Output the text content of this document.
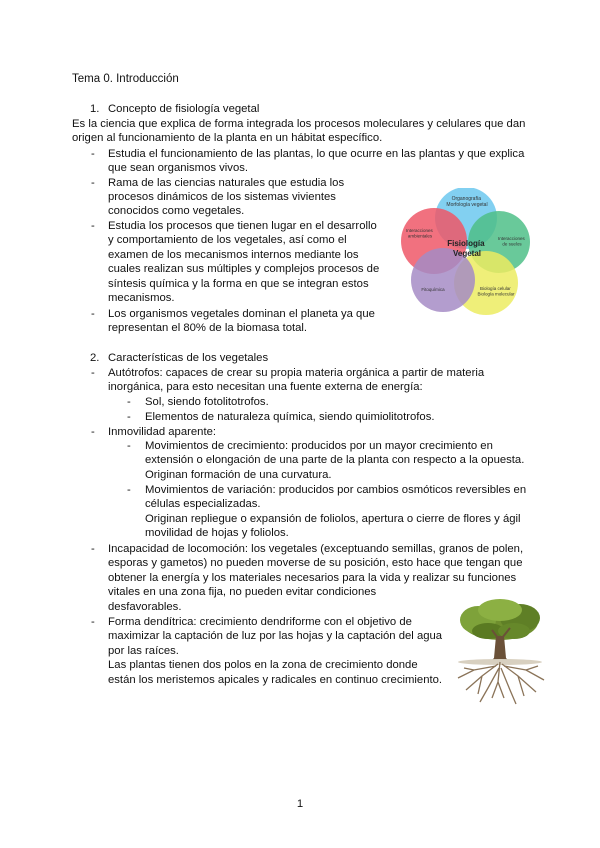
Tema 0. Introducción
1. Concepto de fisiología vegetal
Es la ciencia que explica de forma integrada los procesos moleculares y celulares que dan
origen al funcionamiento de la planta en un hábitat específico.
- Estudia el funcionamiento de las plantas, lo que ocurre en las plantas y que explica
que sean organismos vivos.
- Rama de las ciencias naturales que estudia los
procesos dinámicos de los sistemas vivientes
conocidos como vegetales.
- Estudia los procesos que tienen lugar en el desarrollo
y comportamiento de los vegetales, así como el
examen de los mecanismos internos mediante los
cuales realizan sus múltiples y complejos procesos de
síntesis química y la forma en que se integran estos
mecanismos.
- Los organismos vegetales dominan el planeta ya que
representan el 80% de la biomasa total.
Organografía Morfología vegetal
Interacciones ambientales	Interacciones de suelos
Biología celular Biología molecular
Fitoquímica
Fisiología Vegetal
2. Características de los vegetales
- Autótrofos: capaces de crear su propia materia orgánica a partir de materia
inorgánica, para esto necesitan una fuente externa de energía:
- Sol, siendo fotolitotrofos.
- Elementos de naturaleza química, siendo quimiolitotrofos.
- Inmovilidad aparente:
- Movimientos de crecimiento: producidos por un mayor crecimiento en
extensión o elongación de una parte de la planta con respecto a la opuesta.
Originan formación de una curvatura.
- Movimientos de variación: producidos por cambios osmóticos reversibles en
células especializadas.
Originan repliegue o expansión de foliolos, apertura o cierre de flores y ágil
movilidad de hojas y foliolos.
- Incapacidad de locomoción: los vegetales (exceptuando semillas, granos de polen,
esporas y gametos) no pueden moverse de su posición, esto hace que tengan que
obtener la energía y los materiales necesarios para la vida y realizar su funciones
vitales en una zona fija, no pueden evitar condiciones
desfavorables.
- Forma dendítrica: crecimiento dendriforme con el objetivo de
maximizar la captación de luz por las hojas y la captación del agua
por las raíces.
Las plantas tienen dos polos en la zona de crecimiento donde
están los meristemos apicales y radicales en continuo crecimiento.
1
